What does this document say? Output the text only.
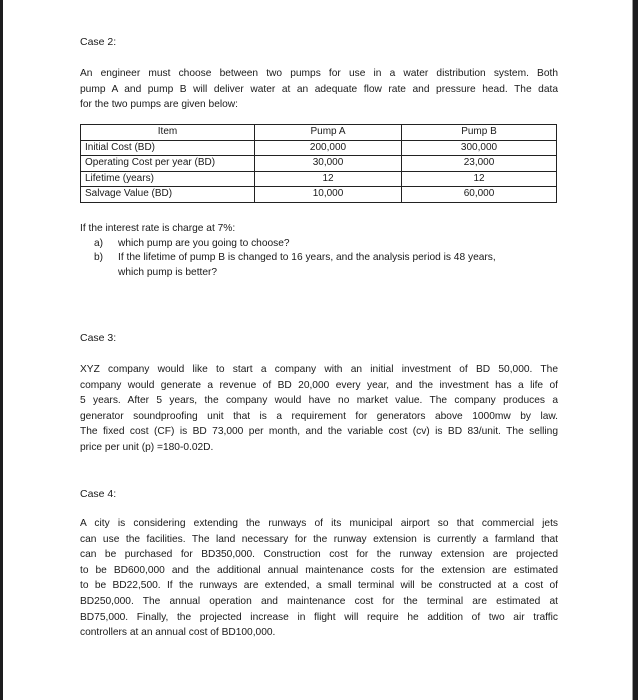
Case 2:
An engineer must choose between two pumps for use in a water distribution system. Both
pump A and pump B will deliver water at an adequate flow rate and pressure head. The data
for the two pumps are given below:
Item	Pump A	Pump B
Initial Cost (BD)	200,000	300,000
Operating Cost per year (BD)	30,000	23,000
Lifetime (years)	12	12
Salvage Value (BD)	10,000	60,000
If the interest rate is charge at 7%:
a) which pump are you going to choose?
b) If the lifetime of pump B is changed to 16 years, and the analysis period is 48 years,
which pump is better?
Case 3:
XYZ company would like to start a company with an initial investment of BD 50,000. The
company would generate a revenue of BD 20,000 every year, and the investment has a life of
5 years. After 5 years, the company would have no market value. The company produces a
generator soundproofing unit that is a requirement for generators above 1000mw by law.
The fixed cost (CF) is BD 73,000 per month, and the variable cost (cv) is BD 83/unit. The selling
price per unit (p) =180-0.02D.
Case 4:
A city is considering extending the runways of its municipal airport so that commercial jets
can use the facilities. The land necessary for the runway extension is currently a farmland that
can be purchased for BD350,000. Construction cost for the runway extension are projected
to be BD600,000 and the additional annual maintenance costs for the extension are estimated
to be BD22,500. If the runways are extended, a small terminal will be constructed at a cost of
BD250,000. The annual operation and maintenance cost for the terminal are estimated at
BD75,000. Finally, the projected increase in flight will require he addition of two air traffic
controllers at an annual cost of BD100,000.
